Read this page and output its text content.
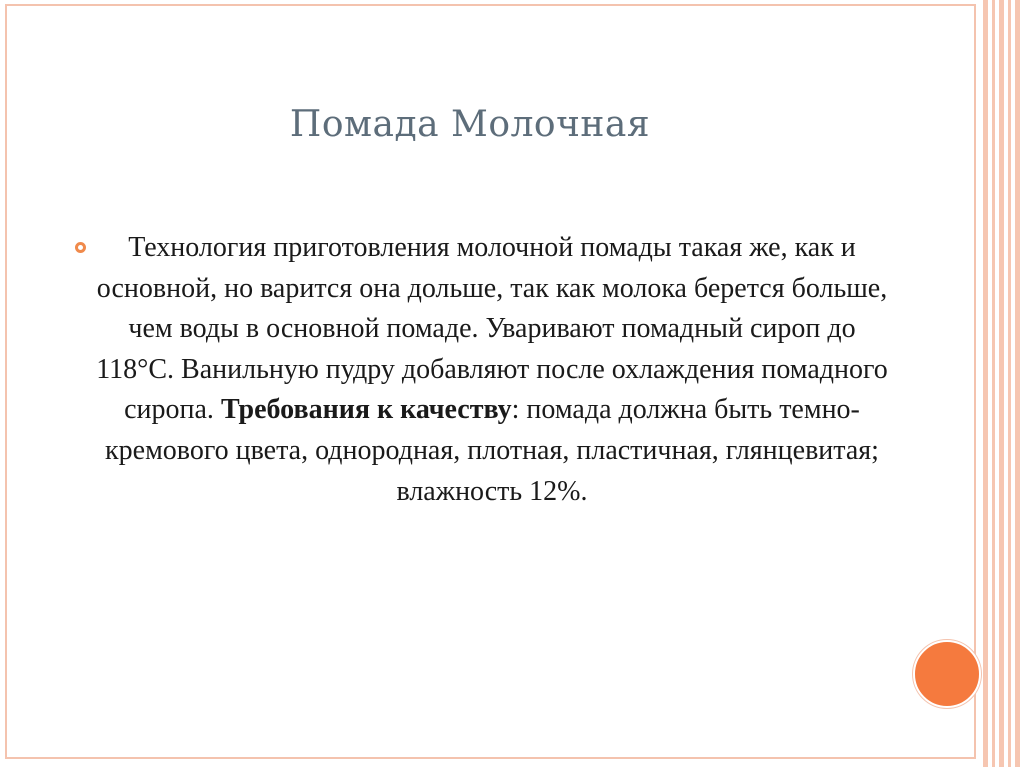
Помада Молочная
Технология приготовления молочной помады такая же, как и основной, но варится она дольше, так как молока берется больше, чем воды в основной помаде. Уваривают помадный сироп до 118°С. Ванильную пудру добавляют после охлаждения помадного сиропа. Требования к качеству: помада должна быть темно-кремового цвета, однородная, плотная, пластичная, глянцевитая; влажность 12%.
